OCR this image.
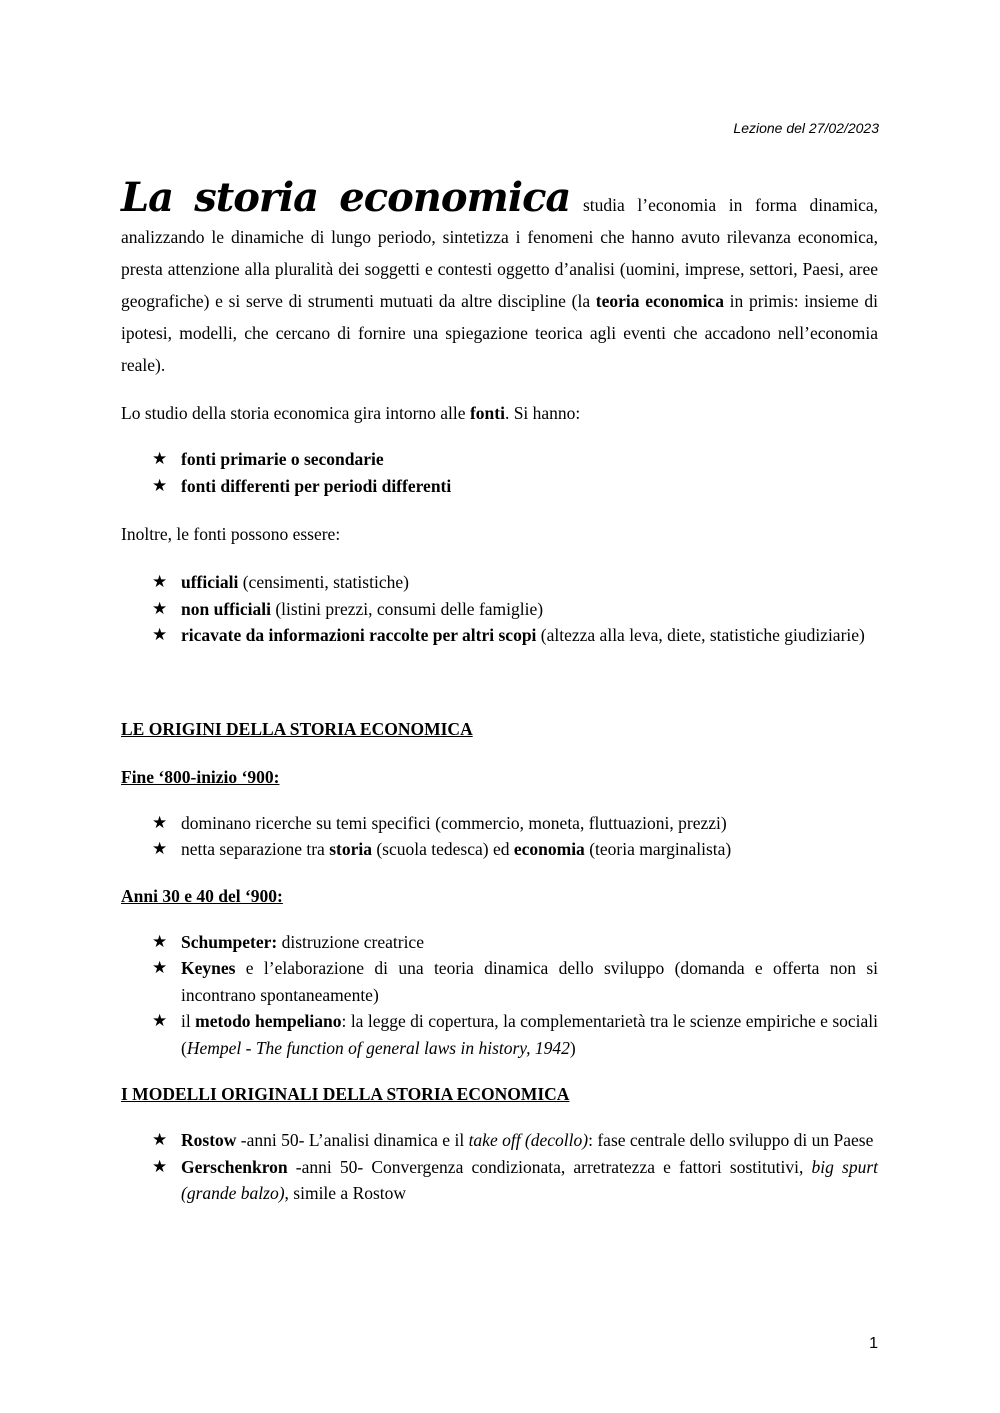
Lezione del 27/02/2023

La storia economica studia l’economia in forma dinamica, analizzando le dinamiche di lungo periodo, sintetizza i fenomeni che hanno avuto rilevanza economica, presta attenzione alla pluralità dei soggetti e contesti oggetto d’analisi (uomini, imprese, settori, Paesi, aree geografiche) e si serve di strumenti mutuati da altre discipline (la teoria economica in primis: insieme di ipotesi, modelli, che cercano di fornire una spiegazione teorica agli eventi che accadono nell’economia reale).

Lo studio della storia economica gira intorno alle fonti. Si hanno:

★ fonti primarie o secondarie
★ fonti differenti per periodi differenti

Inoltre, le fonti possono essere:

★ ufficiali (censimenti, statistiche)
★ non ufficiali (listini prezzi, consumi delle famiglie)
★ ricavate da informazioni raccolte per altri scopi (altezza alla leva, diete, statistiche giudiziarie)

LE ORIGINI DELLA STORIA ECONOMICA

Fine ‘800-inizio ‘900:

★ dominano ricerche su temi specifici (commercio, moneta, fluttuazioni, prezzi)
★ netta separazione tra storia (scuola tedesca) ed economia (teoria marginalista)

Anni 30 e 40 del ‘900:

★ Schumpeter: distruzione creatrice
★ Keynes e l’elaborazione di una teoria dinamica dello sviluppo (domanda e offerta non si incontrano spontaneamente)
★ il metodo hempeliano: la legge di copertura, la complementarietà tra le scienze empiriche e sociali (Hempel - The function of general laws in history, 1942)

I MODELLI ORIGINALI DELLA STORIA ECONOMICA

★ Rostow -anni 50- L’analisi dinamica e il take off (decollo): fase centrale dello sviluppo di un Paese
★ Gerschenkron -anni 50- Convergenza condizionata, arretratezza e fattori sostitutivi, big spurt (grande balzo), simile a Rostow
1
